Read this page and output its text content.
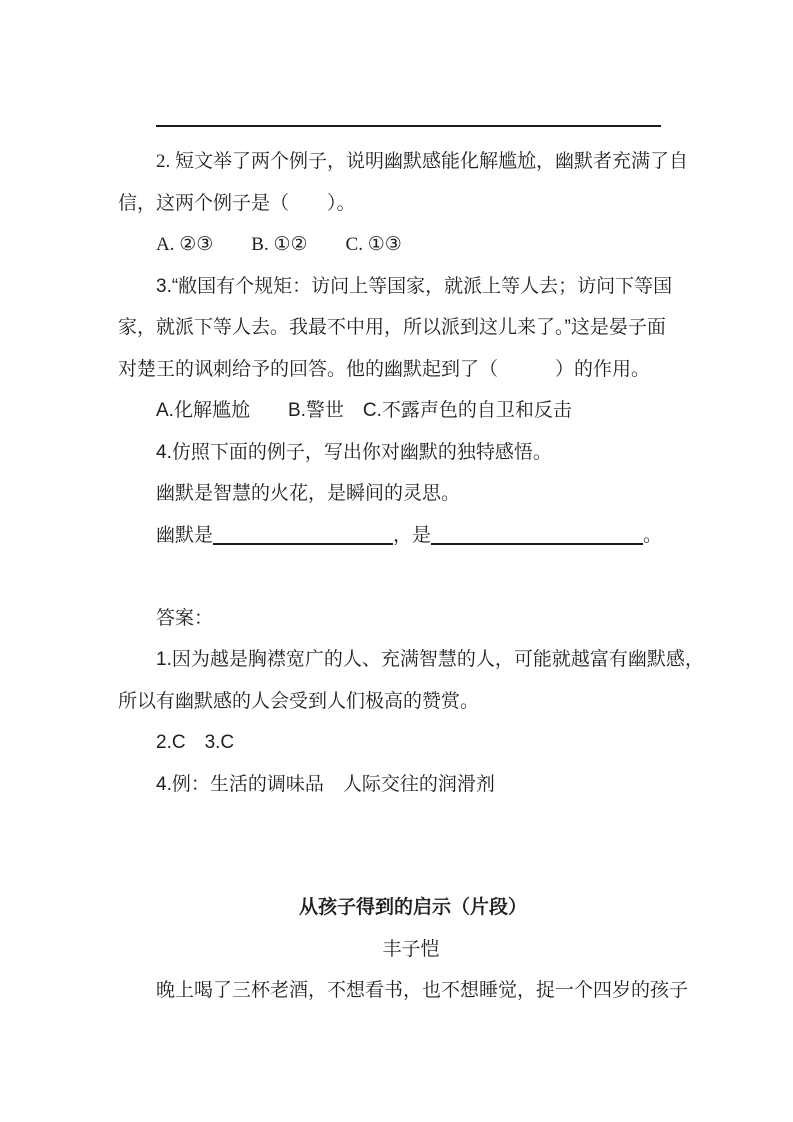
2. 短文举了两个例子，说明幽默感能化解尴尬，幽默者充满了自
信，这两个例子是（　　）。
A. ②③　　B. ①②　　C. ①③
3.“敝国有个规矩：访问上等国家，就派上等人去；访问下等国
家，就派下等人去。我最不中用，所以派到这儿来了。”这是晏子面
对楚王的讽刺给予的回答。他的幽默起到了（　　　）的作用。
A.化解尴尬　　B.警世　C.不露声色的自卫和反击
4.仿照下面的例子，写出你对幽默的独特感悟。
幽默是智慧的火花，是瞬间的灵思。
幽默是	，是	。
答案：
1.因为越是胸襟宽广的人、充满智慧的人，可能就越富有幽默感，
所以有幽默感的人会受到人们极高的赞赏。
2.C　3.C
4.例：生活的调味品　人际交往的润滑剂
从孩子得到的启示（片段）
丰子恺
晚上喝了三杯老酒，不想看书，也不想睡觉，捉一个四岁的孩子
